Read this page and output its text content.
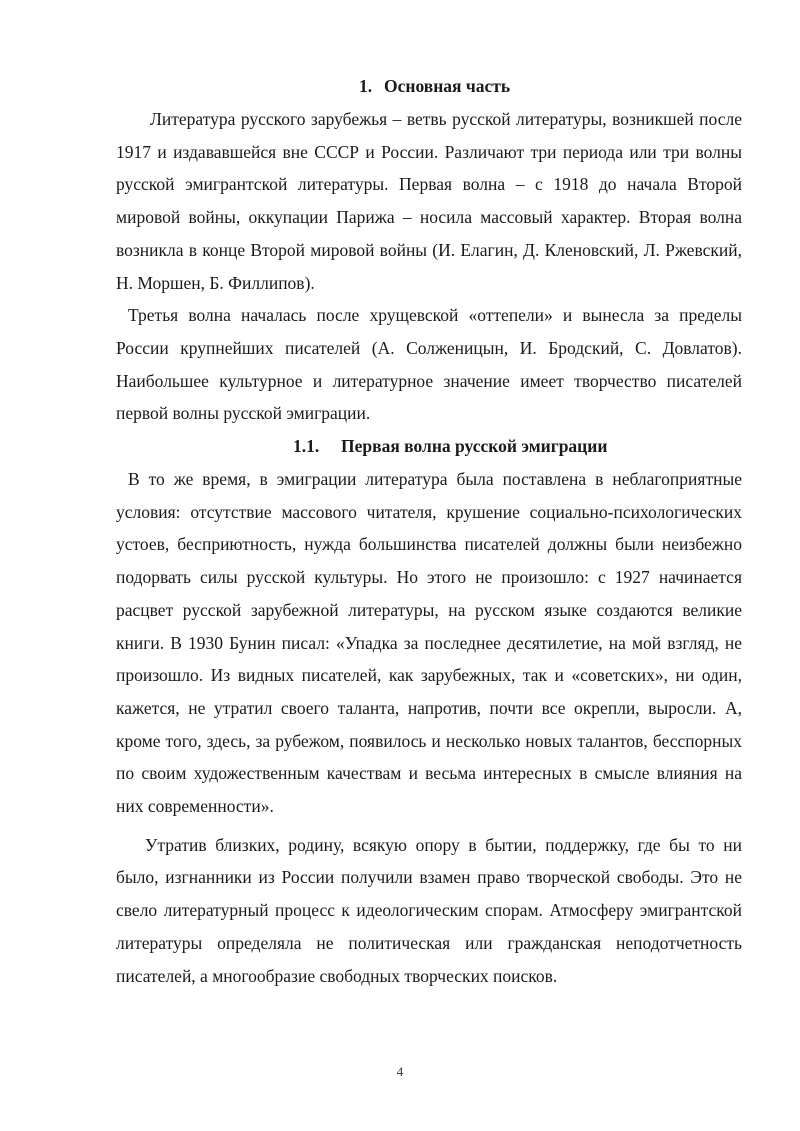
1. Основная часть

Литература русского зарубежья – ветвь русской литературы, возникшей после 1917 и издававшейся вне СССР и России. Различают три периода или три волны русской эмигрантской литературы. Первая волна – с 1918 до начала Второй мировой войны, оккупации Парижа – носила массовый характер. Вторая волна возникла в конце Второй мировой войны (И. Елагин, Д. Кленовский, Л. Ржевский, Н. Моршен, Б. Филлипов).

Третья волна началась после хрущевской «оттепели» и вынесла за пределы России крупнейших писателей (А. Солженицын, И. Бродский, С. Довлатов). Наибольшее культурное и литературное значение имеет творчество писателей первой волны русской эмиграции.

1.1. Первая волна русской эмиграции

В то же время, в эмиграции литература была поставлена в неблагоприятные условия: отсутствие массового читателя, крушение социально-психологических устоев, бесприютность, нужда большинства писателей должны были неизбежно подорвать силы русской культуры. Но этого не произошло: с 1927 начинается расцвет русской зарубежной литературы, на русском языке создаются великие книги. В 1930 Бунин писал: «Упадка за последнее десятилетие, на мой взгляд, не произошло. Из видных писателей, как зарубежных, так и «советских», ни один, кажется, не утратил своего таланта, напротив, почти все окрепли, выросли. А, кроме того, здесь, за рубежом, появилось и несколько новых талантов, бесспорных по своим художественным качествам и весьма интересных в смысле влияния на них современности».

Утратив близких, родину, всякую опору в бытии, поддержку, где бы то ни было, изгнанники из России получили взамен право творческой свободы. Это не свело литературный процесс к идеологическим спорам. Атмосферу эмигрантской литературы определяла не политическая или гражданская неподотчетность писателей, а многообразие свободных творческих поисков.

4
